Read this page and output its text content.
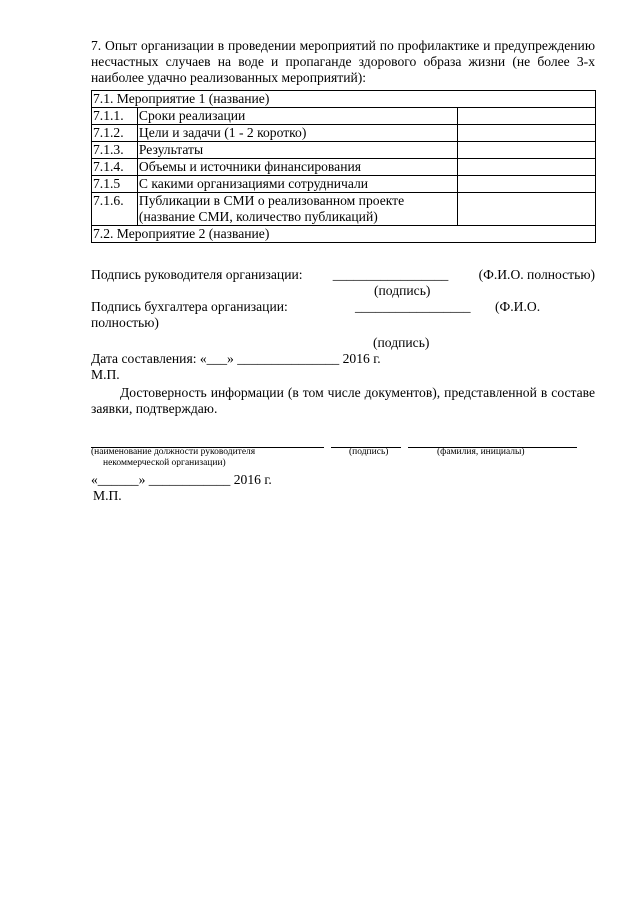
7. Опыт организации в проведении мероприятий по профилактике и предупреждению несчастных случаев на воде и пропаганде здорового образа жизни (не более 3-х наиболее удачно реализованных мероприятий):
7.1. Мероприятие 1 (название)		
7.1.1.	Сроки реализации	
7.1.2.	Цели и задачи (1 - 2 коротко)	
7.1.3.	Результаты	
7.1.4.	Объемы и источники финансирования	
7.1.5	С какими организациями сотрудничали	
7.1.6.	Публикации в СМИ о реализованном проекте (название СМИ, количество публикаций)	
7.2. Мероприятие 2 (название)		
Подпись руководителя организации: _________________ (Ф.И.О. полностью)
(подпись)
Подпись бухгалтера организации:	_________________	(Ф.И.О.
полностью)
(подпись)
Дата составления: «___» _______________ 2016 г.
М.П.
Достоверность информации (в том числе документов), представленной в составе заявки, подтверждаю.
(наименование должности руководителя
некоммерческой организации)
(подпись)	(фамилия, инициалы)
«______» ____________ 2016 г.
М.П.
